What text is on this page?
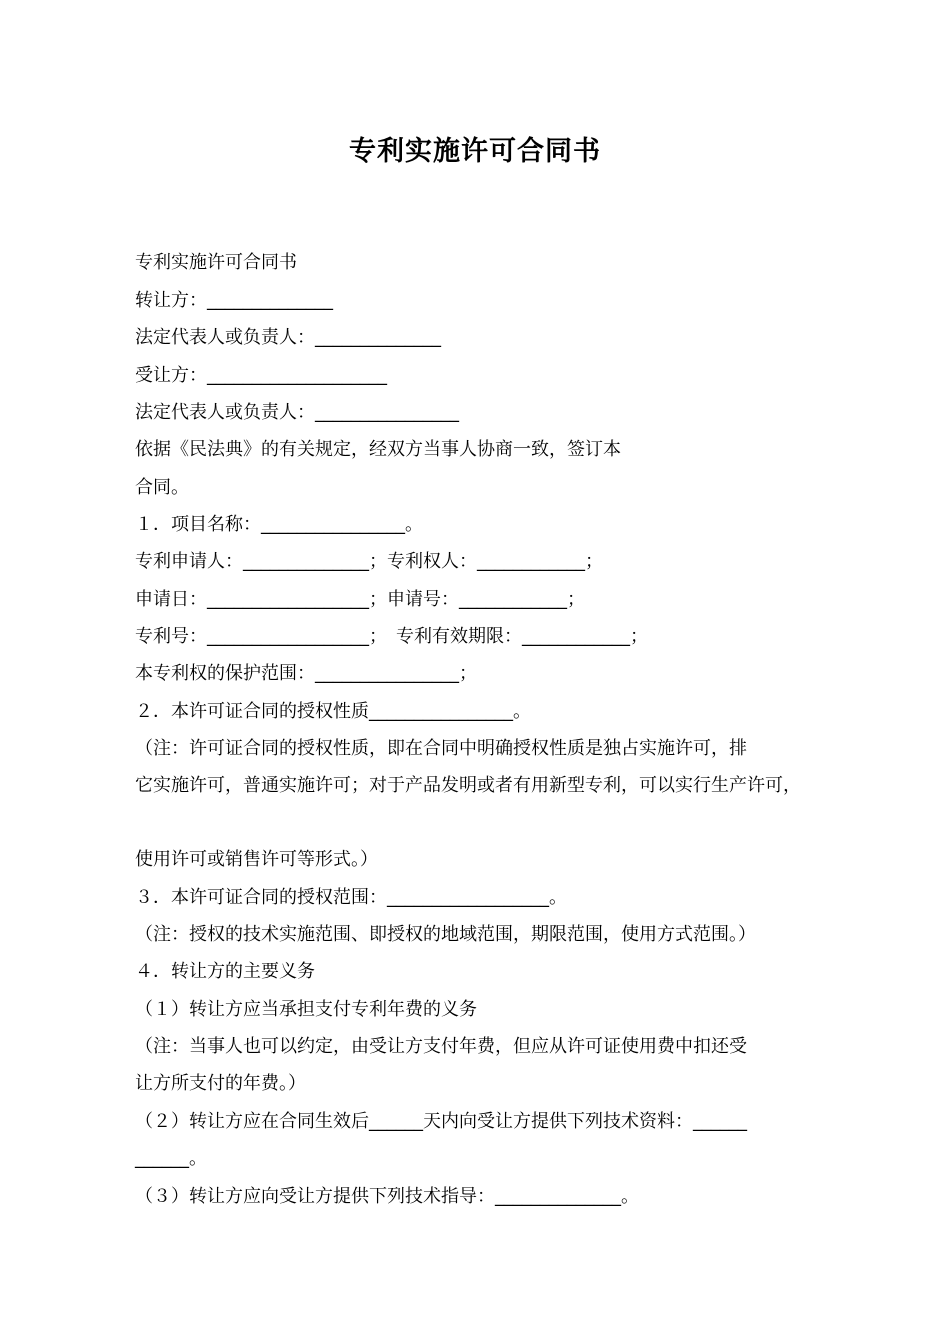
专利实施许可合同书
专利实施许可合同书
转让方：______________
法定代表人或负责人：______________
受让方：____________________
法定代表人或负责人：________________
依据《民法典》的有关规定，经双方当事人协商一致，签订本
合同。
１．项目名称：________________。
专利申请人：______________；专利权人：____________；
申请日：__________________；申请号：____________；
专利号：__________________；　专利有效期限：____________；
本专利权的保护范围：________________；
２．本许可证合同的授权性质________________。
（注：许可证合同的授权性质，即在合同中明确授权性质是独占实施许可，排
它实施许可，普通实施许可；对于产品发明或者有用新型专利，可以实行生产许可，
使用许可或销售许可等形式。）
３．本许可证合同的授权范围：__________________。
（注：授权的技术实施范围、即授权的地域范围，期限范围，使用方式范围。）
４．转让方的主要义务
（１）转让方应当承担支付专利年费的义务
（注：当事人也可以约定，由受让方支付年费，但应从许可证使用费中扣还受
让方所支付的年费。）
（２）转让方应在合同生效后______天内向受让方提供下列技术资料：______
______。
（３）转让方应向受让方提供下列技术指导：______________。
